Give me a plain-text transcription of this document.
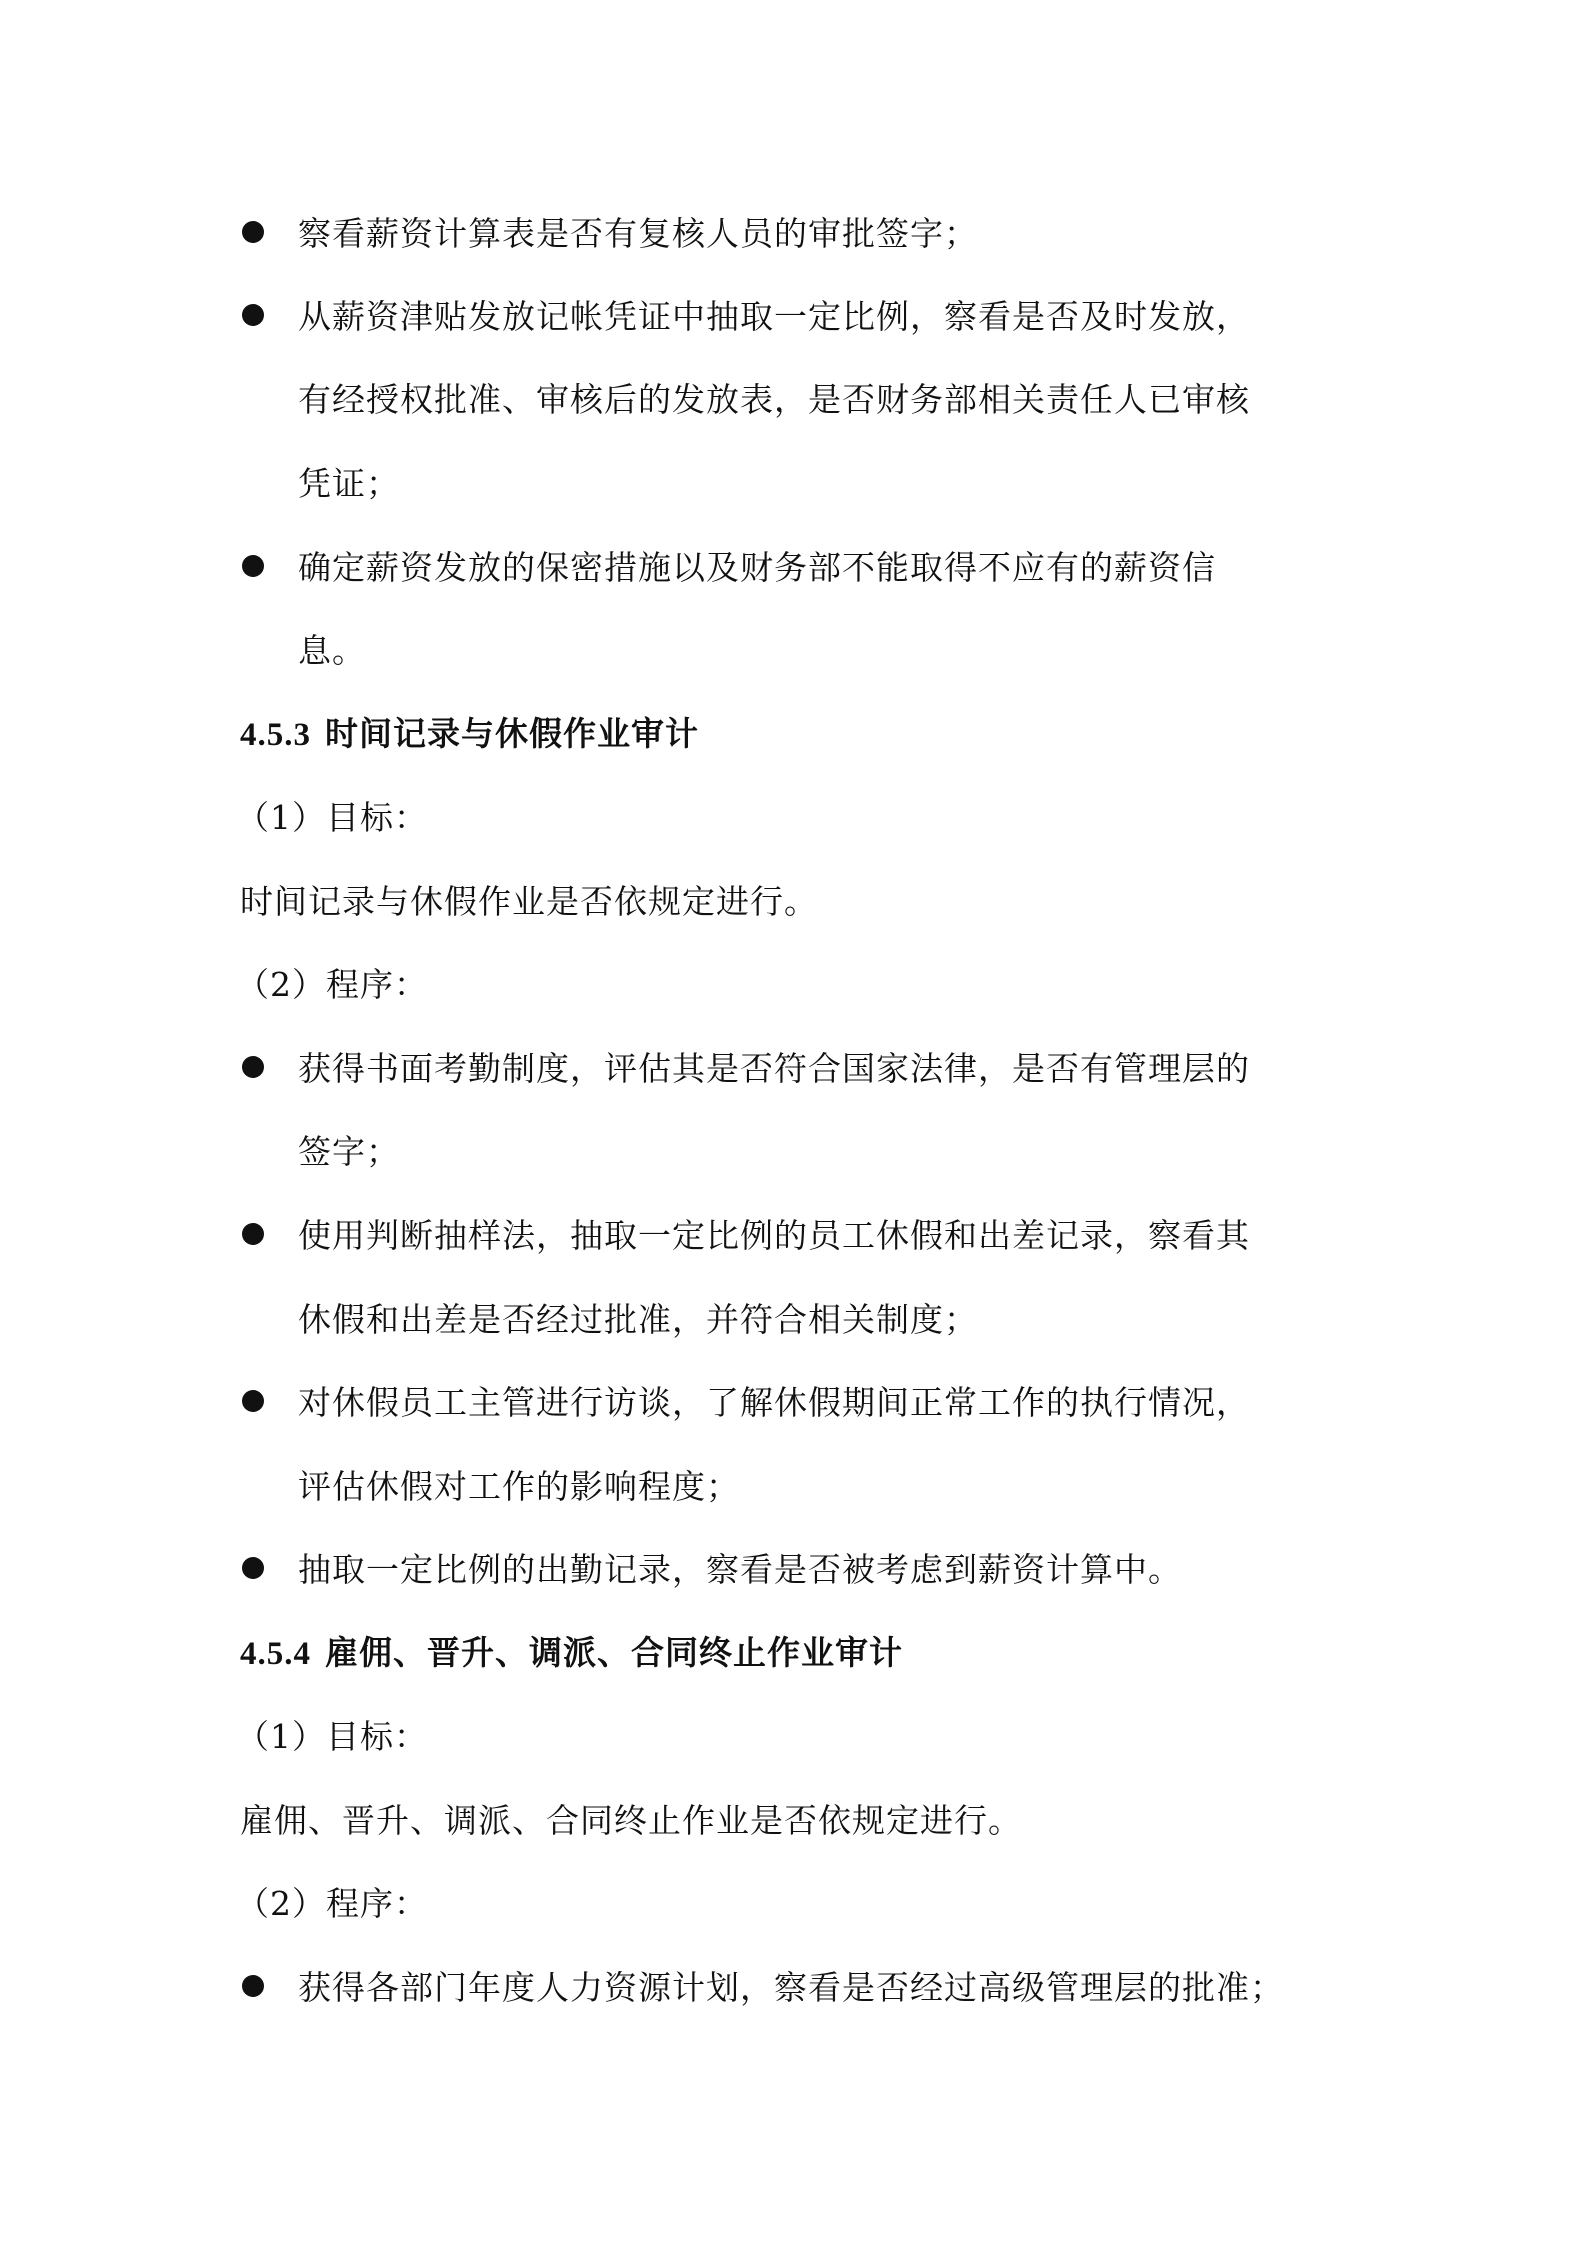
察看薪资计算表是否有复核人员的审批签字；
从薪资津贴发放记帐凭证中抽取一定比例，察看是否及时发放，
有经授权批准、审核后的发放表，是否财务部相关责任人已审核
凭证；
确定薪资发放的保密措施以及财务部不能取得不应有的薪资信
息。
4.5.3 时间记录与休假作业审计
（1）目标：
时间记录与休假作业是否依规定进行。
（2）程序：
获得书面考勤制度，评估其是否符合国家法律，是否有管理层的
签字；
使用判断抽样法，抽取一定比例的员工休假和出差记录，察看其
休假和出差是否经过批准，并符合相关制度；
对休假员工主管进行访谈，了解休假期间正常工作的执行情况，
评估休假对工作的影响程度；
抽取一定比例的出勤记录，察看是否被考虑到薪资计算中。
4.5.4 雇佣、晋升、调派、合同终止作业审计
（1）目标：
雇佣、晋升、调派、合同终止作业是否依规定进行。
（2）程序：
获得各部门年度人力资源计划，察看是否经过高级管理层的批准；
